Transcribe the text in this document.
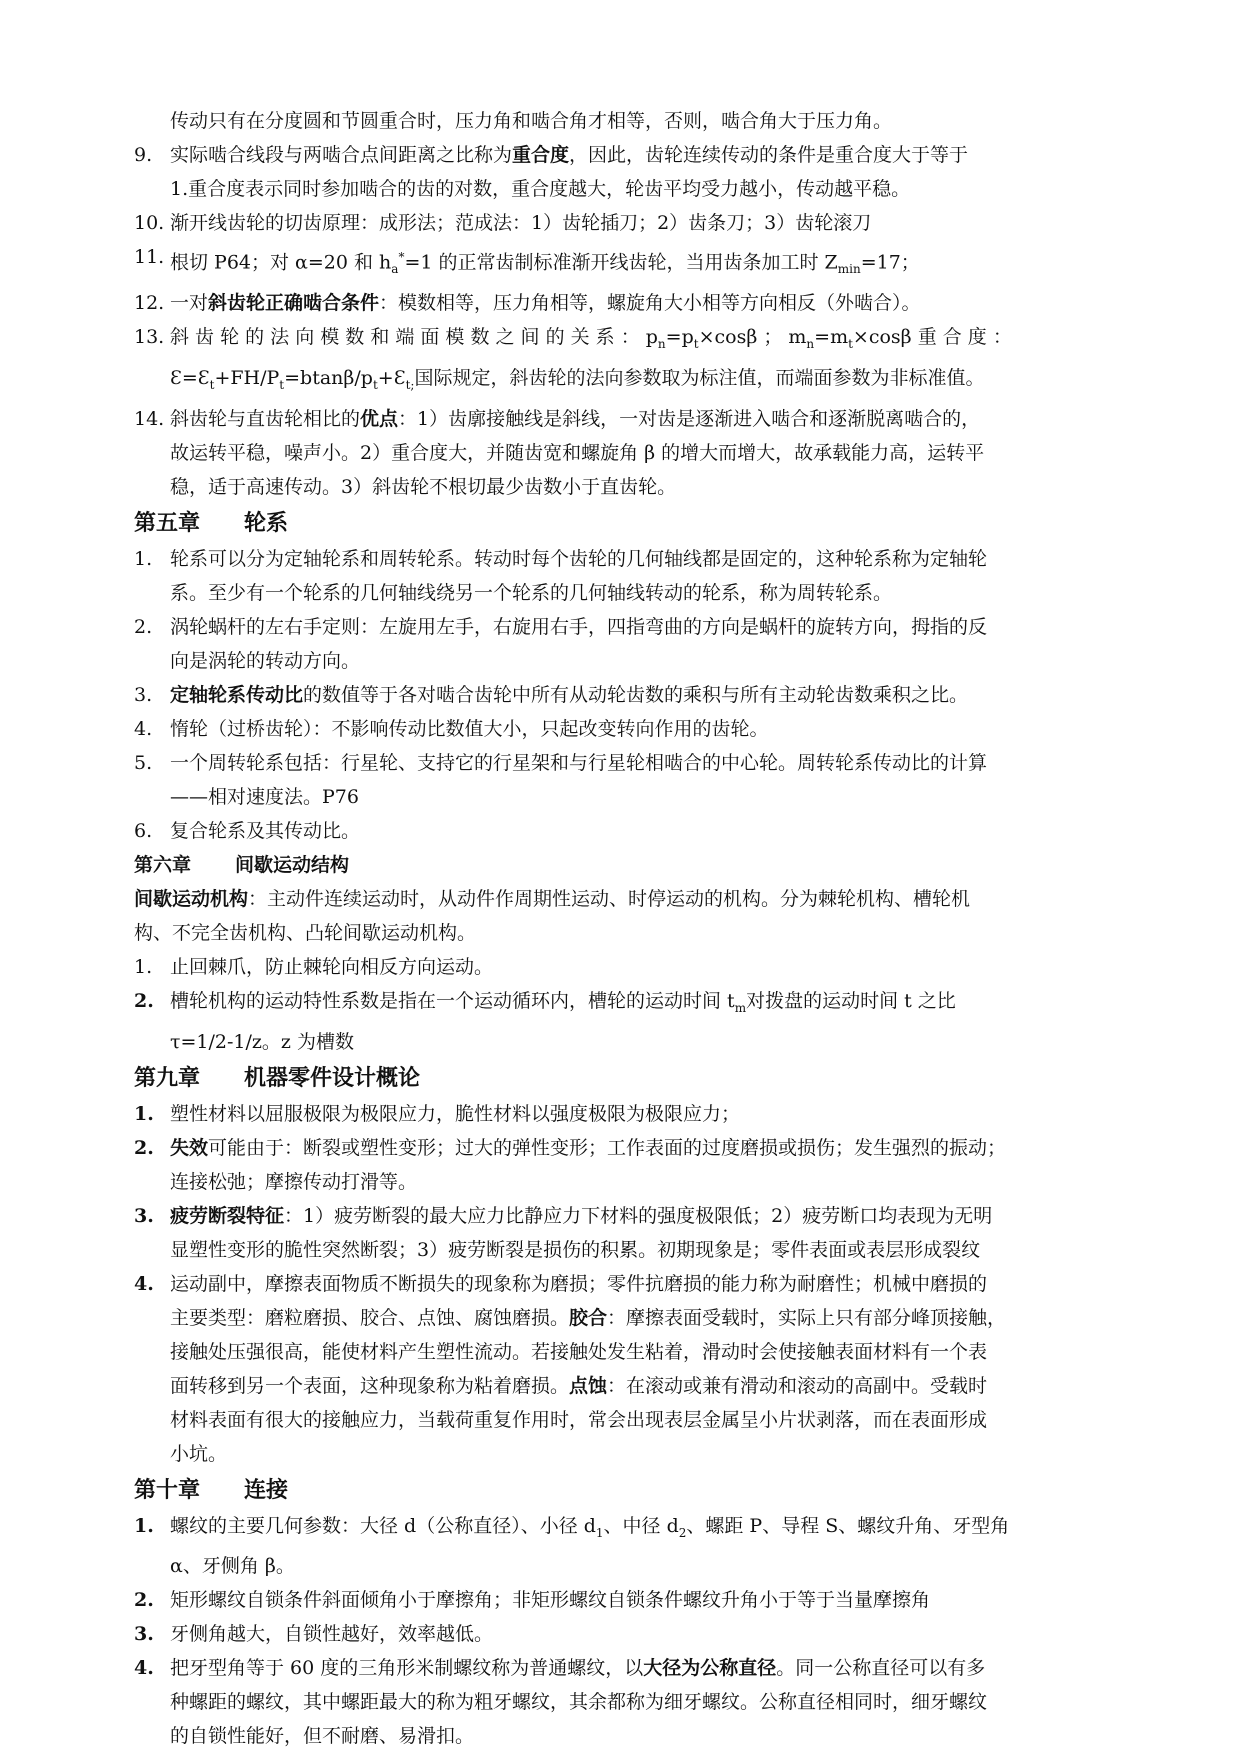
传动只有在分度圆和节圆重合时，压力角和啮合角才相等，否则，啮合角大于压力角。
9. 实际啮合线段与两啮合点间距离之比称为重合度，因此，齿轮连续传动的条件是重合度大于等于
1.重合度表示同时参加啮合的齿的对数，重合度越大，轮齿平均受力越小，传动越平稳。
10. 渐开线齿轮的切齿原理：成形法；范成法：1）齿轮插刀；2）齿条刀；3）齿轮滚刀
11. 根切 P64；对 α=20 和 $h_a^*=1$ 的正常齿制标准渐开线齿轮，当用齿条加工时 $Z_{min}=17$；
12. 一对斜齿轮正确啮合条件：模数相等，压力角相等，螺旋角大小相等方向相反（外啮合）。
13. 斜 齿 轮 的 法 向 模 数 和 端 面 模 数 之 间 的 关 系 ： $p_n=p_t\times\cos\beta$ ； $m_n=m_t\times\cos\beta$ 重 合 度 ：
$Ɛ=Ɛ_t+FH/P_t=btan\beta/p_t+Ɛ_{t;}$国际规定，斜齿轮的法向参数取为标注值，而端面参数为非标准值。
14. 斜齿轮与直齿轮相比的优点：1）齿廓接触线是斜线，一对齿是逐渐进入啮合和逐渐脱离啮合的，
故运转平稳，噪声小。2）重合度大，并随齿宽和螺旋角 β 的增大而增大，故承载能力高，运转平
稳，适于高速传动。3）斜齿轮不根切最少齿数小于直齿轮。
第五章 轮系
1. 轮系可以分为定轴轮系和周转轮系。转动时每个齿轮的几何轴线都是固定的，这种轮系称为定轴轮
系。至少有一个轮系的几何轴线绕另一个轮系的几何轴线转动的轮系，称为周转轮系。
2. 涡轮蜗杆的左右手定则：左旋用左手，右旋用右手，四指弯曲的方向是蜗杆的旋转方向，拇指的反
向是涡轮的转动方向。
3. 定轴轮系传动比的数值等于各对啮合齿轮中所有从动轮齿数的乘积与所有主动轮齿数乘积之比。
4. 惰轮（过桥齿轮）：不影响传动比数值大小，只起改变转向作用的齿轮。
5. 一个周转轮系包括：行星轮、支持它的行星架和与行星轮相啮合的中心轮。周转轮系传动比的计算
——相对速度法。P76
6. 复合轮系及其传动比。
第六章 间歇运动结构
间歇运动机构：主动件连续运动时，从动件作周期性运动、时停运动的机构。分为棘轮机构、槽轮机
构、不完全齿机构、凸轮间歇运动机构。
1. 止回棘爪，防止棘轮向相反方向运动。
2. 槽轮机构的运动特性系数是指在一个运动循环内，槽轮的运动时间 $t_m$对拨盘的运动时间 t 之比
τ=1/2-1/z。z 为槽数
第九章 机器零件设计概论
1. 塑性材料以屈服极限为极限应力，脆性材料以强度极限为极限应力；
2. 失效可能由于：断裂或塑性变形；过大的弹性变形；工作表面的过度磨损或损伤；发生强烈的振动；
连接松弛；摩擦传动打滑等。
3. 疲劳断裂特征：1）疲劳断裂的最大应力比静应力下材料的强度极限低；2）疲劳断口均表现为无明
显塑性变形的脆性突然断裂；3）疲劳断裂是损伤的积累。初期现象是；零件表面或表层形成裂纹
4. 运动副中，摩擦表面物质不断损失的现象称为磨损；零件抗磨损的能力称为耐磨性；机械中磨损的
主要类型：磨粒磨损、胶合、点蚀、腐蚀磨损。胶合：摩擦表面受载时，实际上只有部分峰顶接触，
接触处压强很高，能使材料产生塑性流动。若接触处发生粘着，滑动时会使接触表面材料有一个表
面转移到另一个表面，这种现象称为粘着磨损。点蚀：在滚动或兼有滑动和滚动的高副中。受载时
材料表面有很大的接触应力，当载荷重复作用时，常会出现表层金属呈小片状剥落，而在表面形成
小坑。
第十章 连接
1. 螺纹的主要几何参数：大径 d（公称直径）、小径 $d_1$、中径 $d_2$、螺距 P、导程 S、螺纹升角、牙型角
α、牙侧角 β。
2. 矩形螺纹自锁条件斜面倾角小于摩擦角；非矩形螺纹自锁条件螺纹升角小于等于当量摩擦角
3. 牙侧角越大，自锁性越好，效率越低。
4. 把牙型角等于 60 度的三角形米制螺纹称为普通螺纹，以大径为公称直径。同一公称直径可以有多
种螺距的螺纹，其中螺距最大的称为粗牙螺纹，其余都称为细牙螺纹。公称直径相同时，细牙螺纹
的自锁性能好，但不耐磨、易滑扣。
